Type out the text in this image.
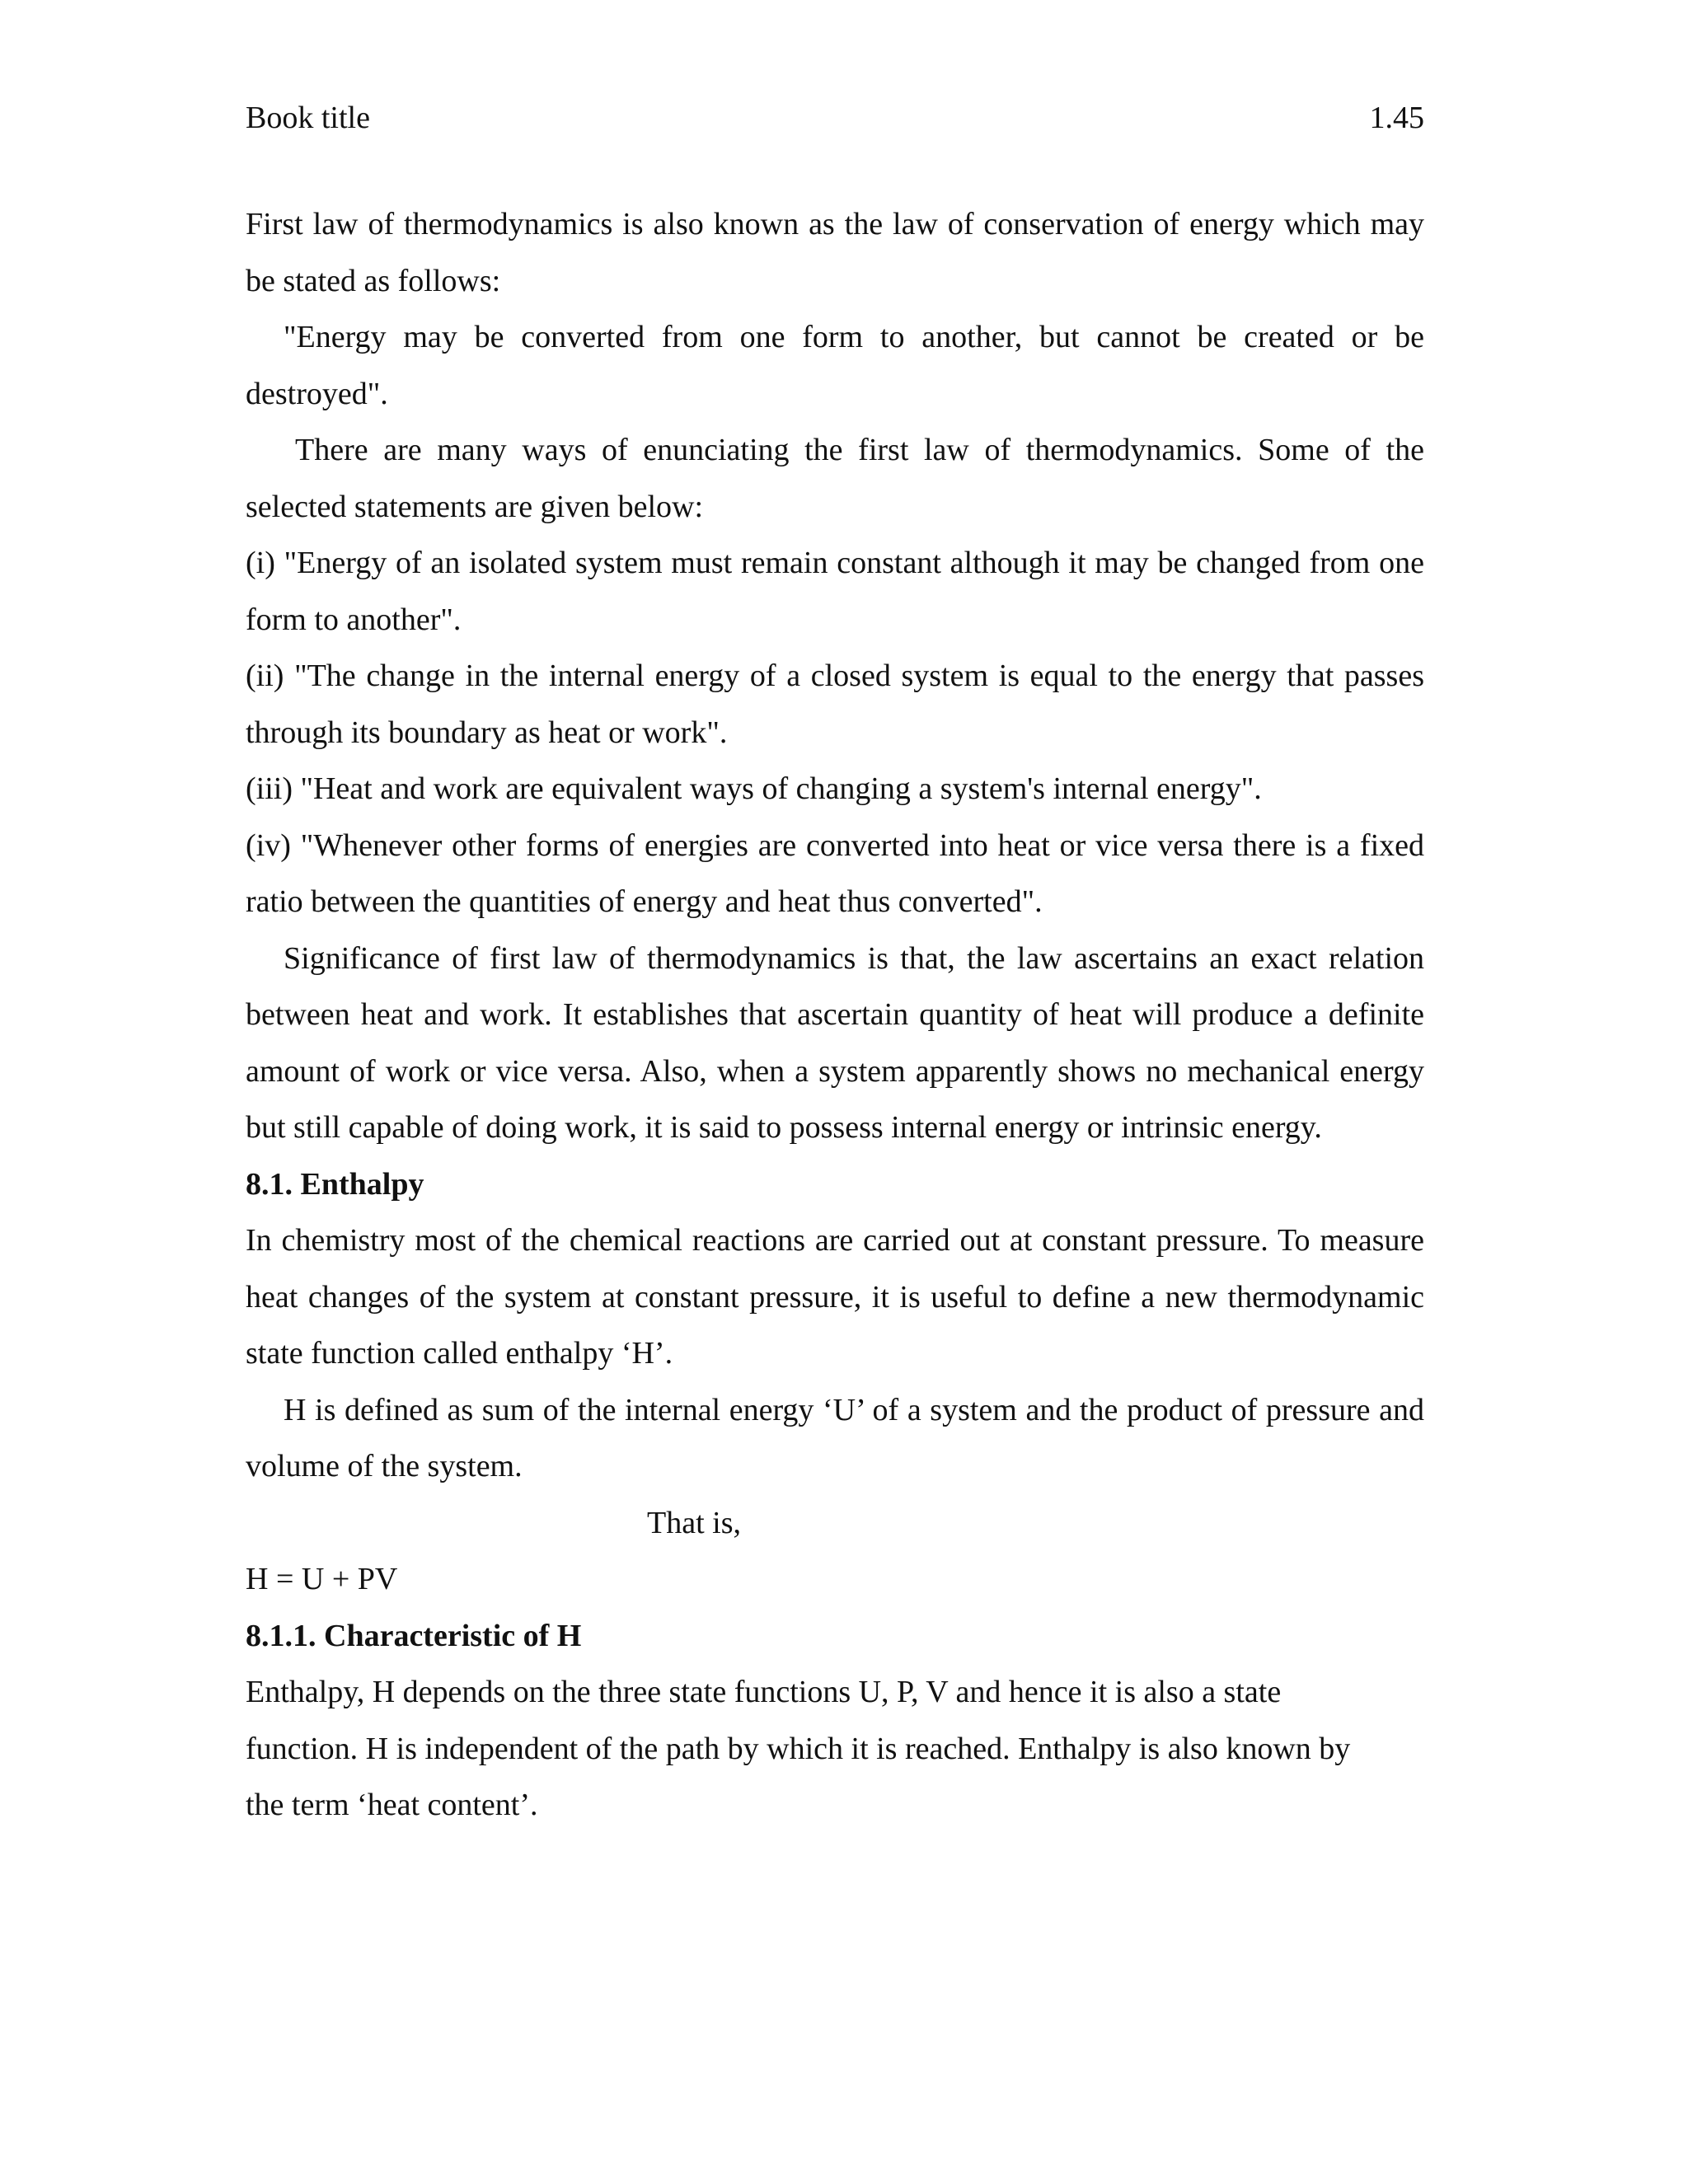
Book title	1.45

First law of thermodynamics is also known as the law of conservation of energy which may be stated as follows:

"Energy may be converted from one form to another, but cannot be created or be destroyed".

There are many ways of enunciating the first law of thermodynamics. Some of the selected statements are given below:

(i) "Energy of an isolated system must remain constant although it may be changed from one form to another".

(ii) "The change in the internal energy of a closed system is equal to the energy that passes through its boundary as heat or work".

(iii) "Heat and work are equivalent ways of changing a system's internal energy".

(iv) "Whenever other forms of energies are converted into heat or vice versa there is a fixed ratio between the quantities of energy and heat thus converted".

Significance of first law of thermodynamics is that, the law ascertains an exact relation between heat and work. It establishes that ascertain quantity of heat will produce a definite amount of work or vice versa. Also, when a system apparently shows no mechanical energy but still capable of doing work, it is said to possess internal energy or intrinsic energy.

8.1. Enthalpy

In chemistry most of the chemical reactions are carried out at constant pressure. To measure heat changes of the system at constant pressure, it is useful to define a new thermodynamic state function called enthalpy ‘H’.

H is defined as sum of the internal energy ‘U’ of a system and the product of pressure and volume of the system.

That is,

H = U + PV

8.1.1. Characteristic of H

Enthalpy, H depends on the three state functions U, P, V and hence it is also a state
function. H is independent of the path by which it is reached. Enthalpy is also known by
the term ‘heat content’.
